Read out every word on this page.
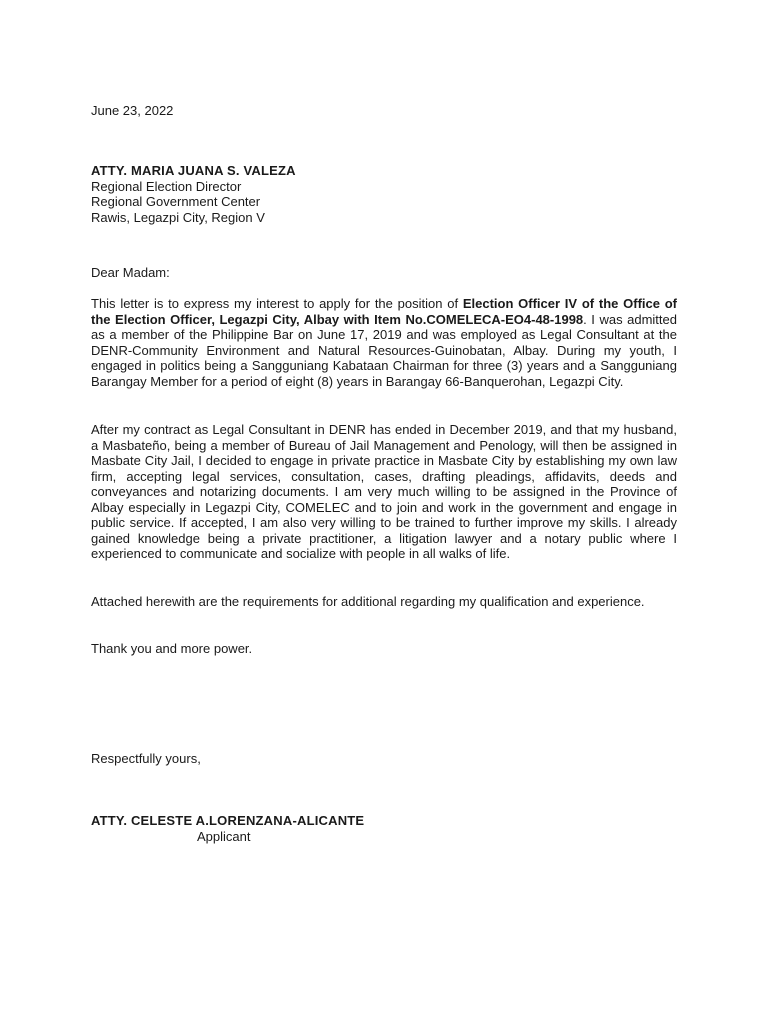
June 23, 2022

ATTY. MARIA JUANA S. VALEZA
Regional Election Director
Regional Government Center
Rawis, Legazpi City, Region V

Dear Madam:

This letter is to express my interest to apply for the position of Election Officer IV of the Office of the Election Officer, Legazpi City, Albay with Item No.COMELECA-EO4-48-1998. I was admitted as a member of the Philippine Bar on June 17, 2019 and was employed as Legal Consultant at the DENR-Community Environment and Natural Resources-Guinobatan, Albay. During my youth, I engaged in politics being a Sangguniang Kabataan Chairman for three (3) years and a Sangguniang Barangay Member for a period of eight (8) years in Barangay 66-Banquerohan, Legazpi City.

After my contract as Legal Consultant in DENR has ended in December 2019, and that my husband, a Masbateño, being a member of Bureau of Jail Management and Penology, will then be assigned in Masbate City Jail, I decided to engage in private practice in Masbate City by establishing my own law firm, accepting legal services, consultation, cases, drafting pleadings, affidavits, deeds and conveyances and notarizing documents. I am very much willing to be assigned in the Province of Albay especially in Legazpi City, COMELEC and to join and work in the government and engage in public service. If accepted, I am also very willing to be trained to further improve my skills. I already gained knowledge being a private practitioner, a litigation lawyer and a notary public where I experienced to communicate and socialize with people in all walks of life.

Attached herewith are the requirements for additional regarding my qualification and experience.

Thank you and more power.

Respectfully yours,

ATTY. CELESTE A.LORENZANA-ALICANTE

Applicant
